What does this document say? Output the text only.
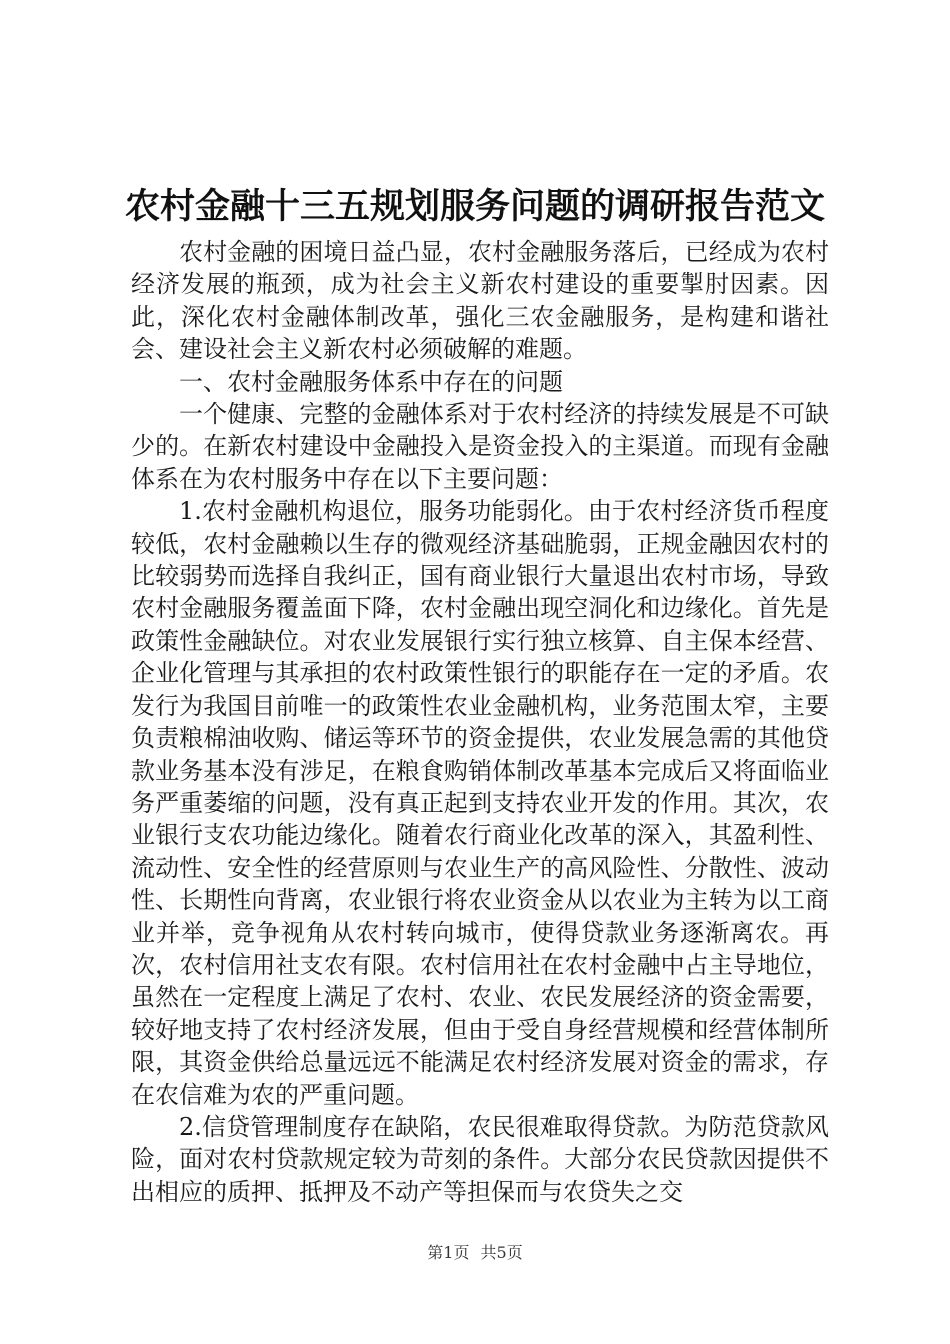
农村金融十三五规划服务问题的调研报告范文

农村金融的困境日益凸显，农村金融服务落后，已经成为农村经济发展的瓶颈，成为社会主义新农村建设的重要掣肘因素。因此，深化农村金融体制改革，强化三农金融服务，是构建和谐社会、建设社会主义新农村必须破解的难题。

一、农村金融服务体系中存在的问题

一个健康、完整的金融体系对于农村经济的持续发展是不可缺少的。在新农村建设中金融投入是资金投入的主渠道。而现有金融体系在为农村服务中存在以下主要问题：

1.农村金融机构退位，服务功能弱化。由于农村经济货币程度较低，农村金融赖以生存的微观经济基础脆弱，正规金融因农村的比较弱势而选择自我纠正，国有商业银行大量退出农村市场，导致农村金融服务覆盖面下降，农村金融出现空洞化和边缘化。首先是政策性金融缺位。对农业发展银行实行独立核算、自主保本经营、企业化管理与其承担的农村政策性银行的职能存在一定的矛盾。农发行为我国目前唯一的政策性农业金融机构，业务范围太窄，主要负责粮棉油收购、储运等环节的资金提供，农业发展急需的其他贷款业务基本没有涉足，在粮食购销体制改革基本完成后又将面临业务严重萎缩的问题，没有真正起到支持农业开发的作用。其次，农业银行支农功能边缘化。随着农行商业化改革的深入，其盈利性、流动性、安全性的经营原则与农业生产的高风险性、分散性、波动性、长期性向背离，农业银行将农业资金从以农业为主转为以工商业并举，竞争视角从农村转向城市，使得贷款业务逐渐离农。再次，农村信用社支农有限。农村信用社在农村金融中占主导地位，虽然在一定程度上满足了农村、农业、农民发展经济的资金需要，较好地支持了农村经济发展，但由于受自身经营规模和经营体制所限，其资金供给总量远远不能满足农村经济发展对资金的需求，存在农信难为农的严重问题。

2.信贷管理制度存在缺陷，农民很难取得贷款。为防范贷款风险，面对农村贷款规定较为苛刻的条件。大部分农民贷款因提供不出相应的质押、抵押及不动产等担保而与农贷失之交

第1页 共5页
